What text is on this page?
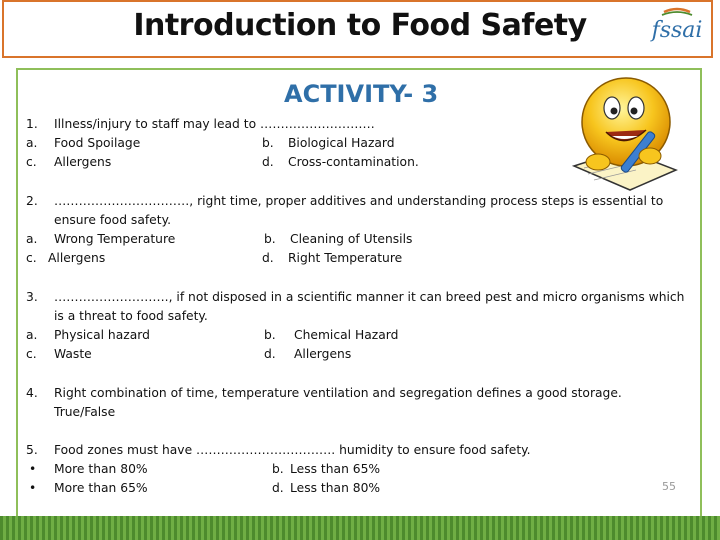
Introduction to Food Safety	fssai
ACTIVITY- 3
1. Illness/injury to staff may lead to ……………………….
a. Food Spoilage	b. Biological Hazard
c. Allergens	d. Cross-contamination.
2. ……………………………, right time, proper additives and understanding process steps is essential to
ensure food safety.
a. Wrong Temperature	b. Cleaning of Utensils
c. Allergens	d. Right Temperature
3. ………………………., if not disposed in a scientific manner it can breed pest and micro organisms which
is a threat to food safety.
a. Physical hazard	b. Chemical Hazard
c. Waste	d. Allergens
4. Right combination of time, temperature ventilation and segregation defines a good storage.
True/False
5. Food zones must have ……………………………. humidity to ensure food safety.
• More than 80%	b. Less than 65%
• More than 65%	d. Less than 80%	55
